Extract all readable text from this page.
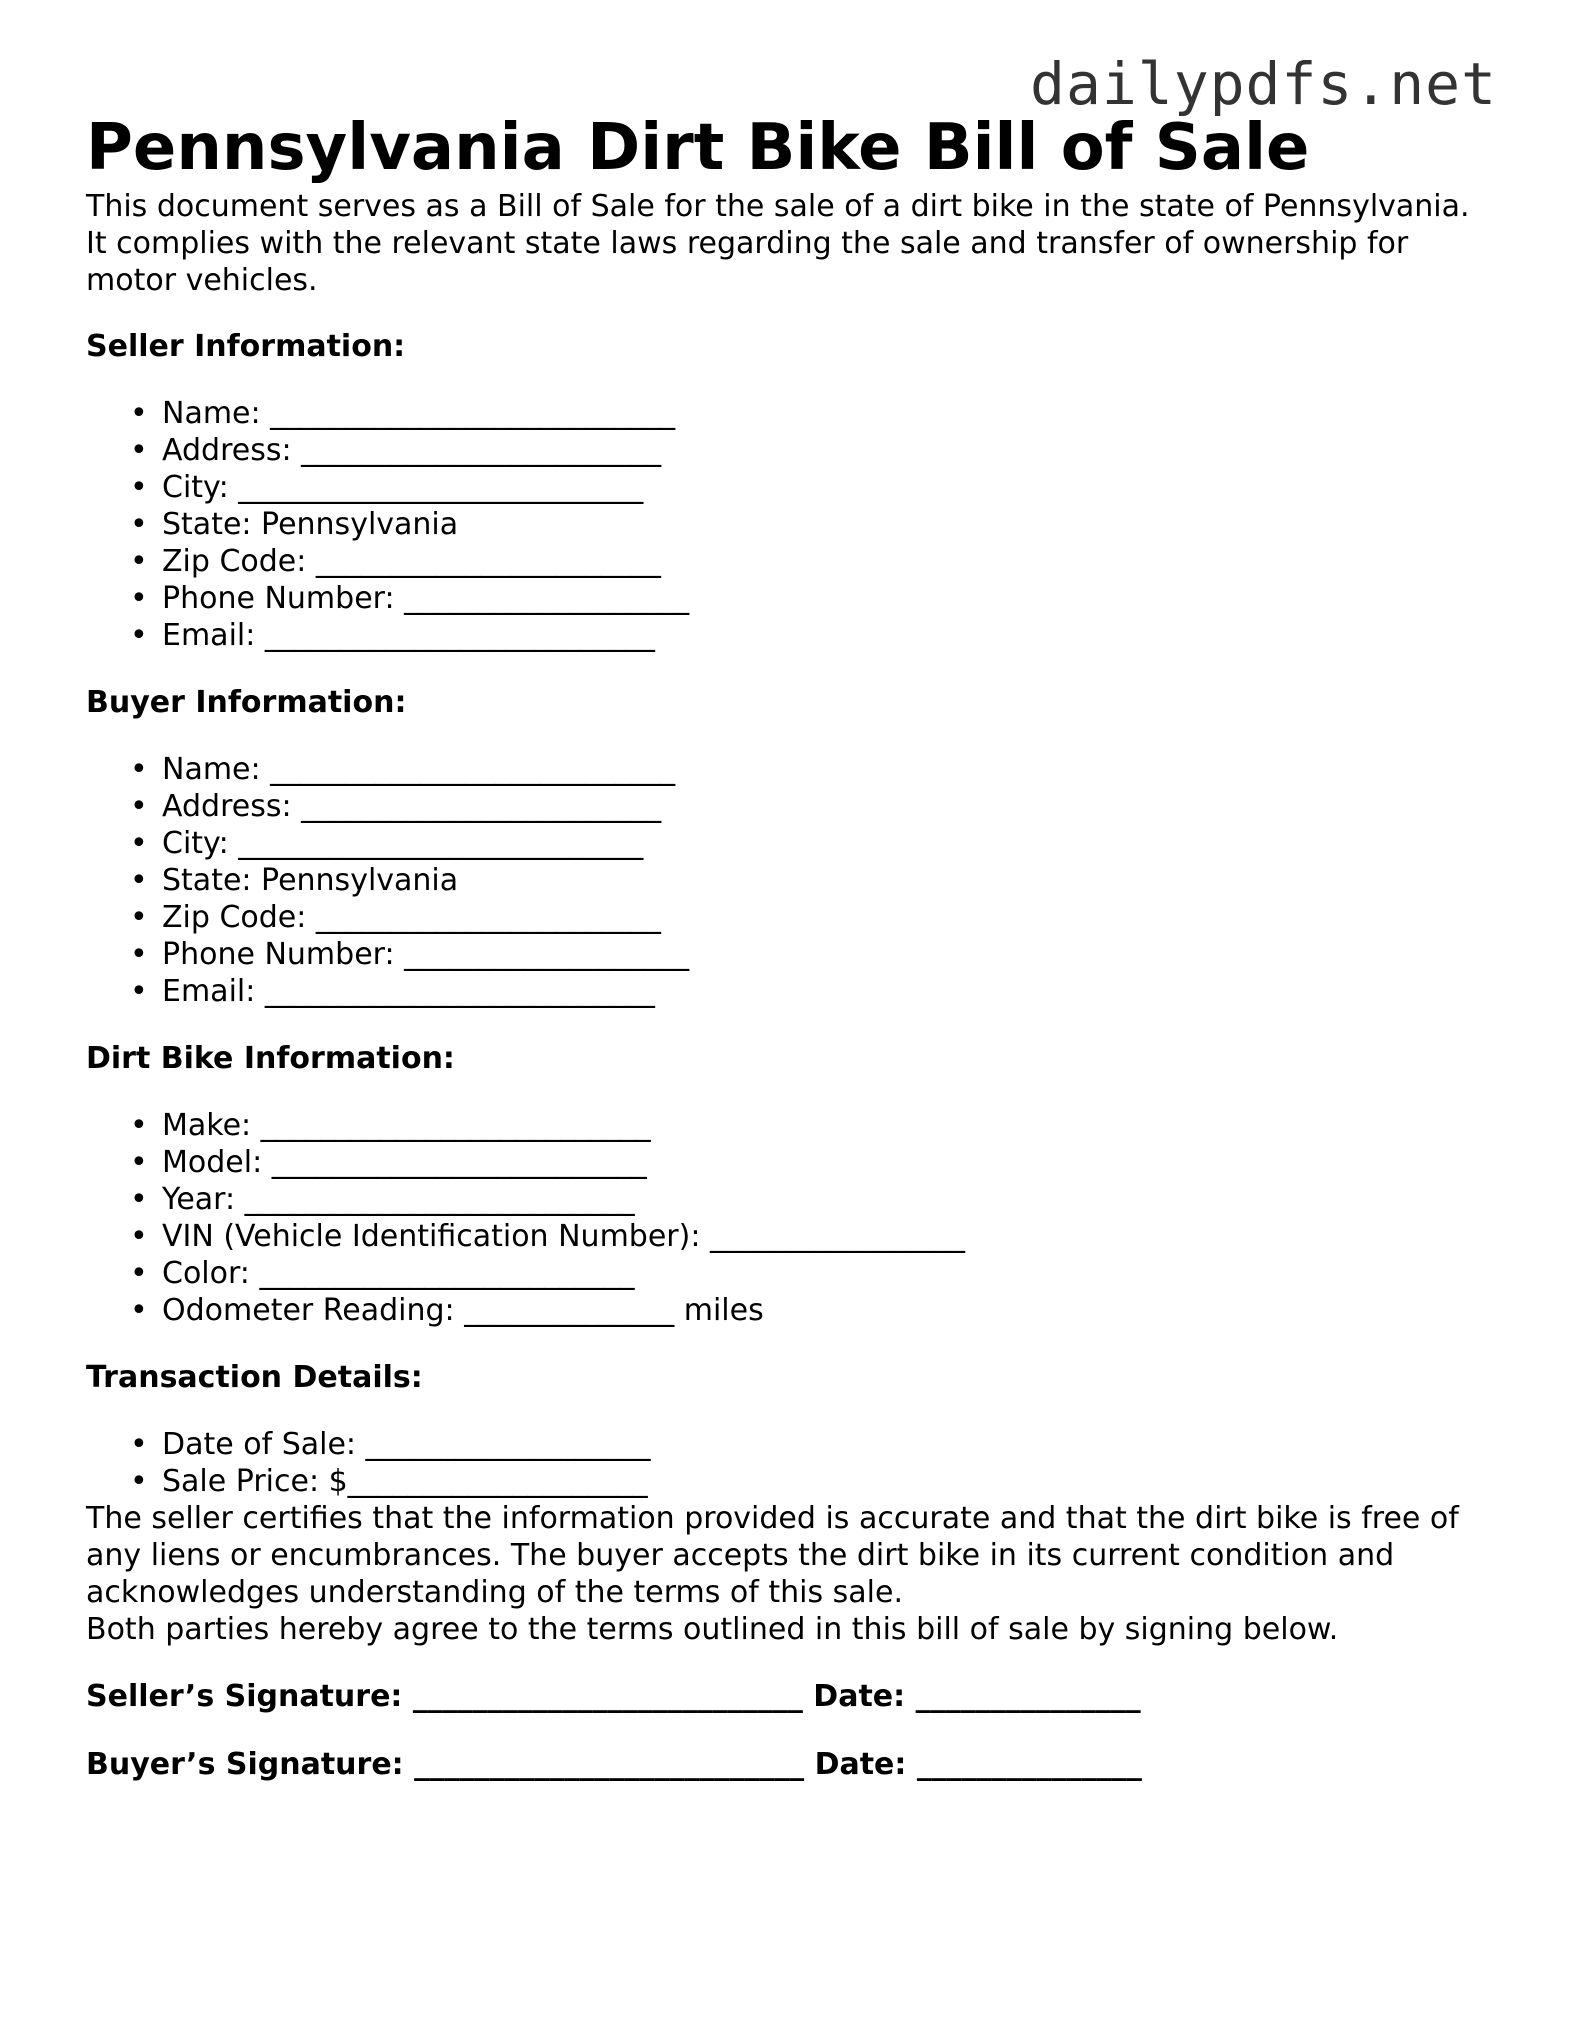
dailypdfs.net
Pennsylvania Dirt Bike Bill of Sale

This document serves as a Bill of Sale for the sale of a dirt bike in the state of Pennsylvania. It complies with the relevant state laws regarding the sale and transfer of ownership for motor vehicles.

Seller Information:
• Name: ___________________________
• Address: ________________________
• City: ___________________________
• State: Pennsylvania
• Zip Code: _______________________
• Phone Number: ___________________
• Email: __________________________
Buyer Information:
• Name: ___________________________
• Address: ________________________
• City: ___________________________
• State: Pennsylvania
• Zip Code: _______________________
• Phone Number: ___________________
• Email: __________________________
Dirt Bike Information:
• Make: __________________________
• Model: _________________________
• Year: __________________________
• VIN (Vehicle Identification Number): _________________
• Color: _________________________
• Odometer Reading: ______________ miles
Transaction Details:
• Date of Sale: ___________________
• Sale Price: $____________________

The seller certifies that the information provided is accurate and that the dirt bike is free of any liens or encumbrances. The buyer accepts the dirt bike in its current condition and acknowledges understanding of the terms of this sale.

Both parties hereby agree to the terms outlined in this bill of sale by signing below.

Seller’s Signature: __________________________ Date: _______________

Buyer’s Signature: __________________________ Date: _______________
